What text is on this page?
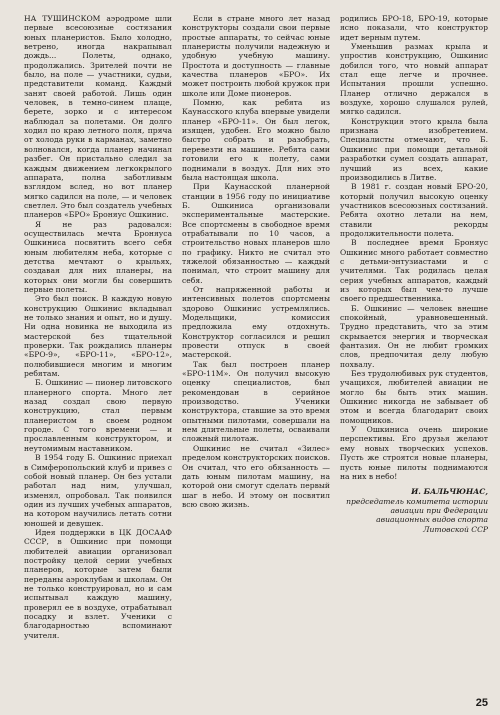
НА ТУШИНСКОМ аэродроме шли первые всесоюзные состязания юных планеристов. Было холодно, ветрено, иногда накрапывал дождь... Полеты, однако, продолжались. Зрителей почти не было, на поле — участники, судьи, представители команд. Каждый занят своей работой. Лишь один человек, в темно-синем плаще, берете, зорко и с интересом наблюдал за полетами. Он долго ходил по краю летного поля, пряча от холода руки в карманах, заметно волновался, когда планер начинал разбег. Он пристально следил за каждым движением легкокрылого аппарата, полна заботливым взглядом вслед, но вот планер мягко садился на поле, — и человек светлел. Это был создатель учебных планеров «БРО» Броняус Ошкинис.

Я не раз радовался: осуществилась мечта Броняуса Ошкиниса посвятить всего себя юным любителям неба, которые с детства мечтают о крыльях, создавая для них планеры, на которых они могли бы совершить первые полеты.

Это был поиск. В каждую новую конструкцию Ошкинис вкладывал не только знания и опыт, но и душу. Ни одна новинка не выходила из мастерской без тщательной проверки. Так рождались планеры «БРО-9», «БРО-11», «БРО-12», полюбившиеся многим и многим ребятам.

Б. Ошкинис — пионер литовского планерного спорта. Много лет назад создал свою первую конструкцию, стал первым планеристом в своем родном городе. С того времени — и прославленным конструктором, и неутомимым наставником.

В 1954 году Б. Ошкинис приехал в Симферопольский клуб и привез с собой новый планер. Он без устали работал над ним, улучшал, изменял, опробовал. Так появился один из лучших учебных аппаратов, на котором научились летать сотни юношей и девушек.

Идея поддержки в ЦК ДОСААФ СССР, в Ошкинис при помощи любителей авиации организовал постройку целой серии учебных планеров, которые затем были переданы аэроклубам и школам. Он не только конструировал, но и сам испытывал каждую машину, проверял ее в воздухе, отрабатывал посадку и взлет. Ученики с благодарностью вспоминают учителя.

Если в стране много лет назад конструкторы создали свои первые простые аппараты, то сейчас юные планеристы получили надежную и удобную учебную машину. Простота и доступность — главные качества планеров «БРО». Их может построить любой кружок при школе или Доме пионеров.

Помню, как ребята из Каунасского клуба впервые увидели планер «БРО-11». Он был легок, изящен, удобен. Его можно было быстро собрать и разобрать, перевезти на машине. Ребята сами готовили его к полету, сами поднимали в воздух. Для них это была настоящая школа.

При Каунасской планерной станции в 1956 году по инициативе Б. Ошкиниса организовали экспериментальные мастерские. Все спортсмены в свободное время отрабатывали по 10 часов, а строительство новых планеров шло по графику. Никто не считал это тяжелой обязанностью — каждый понимал, что строит машину для себя.

От напряженной работы и интенсивных полетов спортсмены здорово Ошкинис устремлялись. Модельщики, комиссия предложила ему отдохнуть. Конструктор согласился и решил провести отпуск в своей мастерской.

Так был построен планер «БРО-11М». Он получил высокую оценку специалистов, был рекомендован в серийное производство. Ученики конструктора, ставшие за это время опытными пилотами, совершали на нем длительные полеты, осваивали сложный пилотаж.

Ошкинис не считал «Зилес» пределом конструкторских поисков. Он считал, что его обязанность — дать юным пилотам машину, на которой они смогут сделать первый шаг в небо. И этому он посвятил всю свою жизнь.

родились БРО-18, БРО-19, которые ясно показали, что конструктор идет верным путем.

Уменьшив размах крыла и упростив конструкцию, Ошкинис добился того, что новый аппарат стал еще легче и прочнее. Испытания прошли успешно. Планер отлично держался в воздухе, хорошо слушался рулей, мягко садился.

Конструкция этого крыла была признана изобретением. Специалисты отмечают, что Б. Ошкинис при помощи детальной разработки сумел создать аппарат, лучший из всех, какие производились в Литве.

В 1981 г. создан новый БРО-20, который получил высокую оценку участников всесоюзных состязаний. Ребята охотно летали на нем, ставили рекорды продолжительности полета.

В последнее время Броняус Ошкинис много работает совместно с детьми-энтузиастами и с учителями. Так родилась целая серия учебных аппаратов, каждый из которых был чем-то лучше своего предшественника.

Б. Ошкинис — человек внешне спокойный, уравновешенный. Трудно представить, что за этим скрывается энергия и творческая фантазия. Он не любит громких слов, предпочитая делу любую похвалу.

Без трудолюбивых рук студентов, учащихся, любителей авиации не могло бы быть этих машин. Ошкинис никогда не забывает об этом и всегда благодарит своих помощников.

У Ошкиниса очень широкие перспективы. Его друзья желают ему новых творческих успехов. Пусть же строятся новые планеры, пусть юные пилоты поднимаются на них в небо!

И. БАЛЬЧЮНАС,
председатель комитета истории авиации при Федерации авиационных видов спорта Литовской ССР

25
